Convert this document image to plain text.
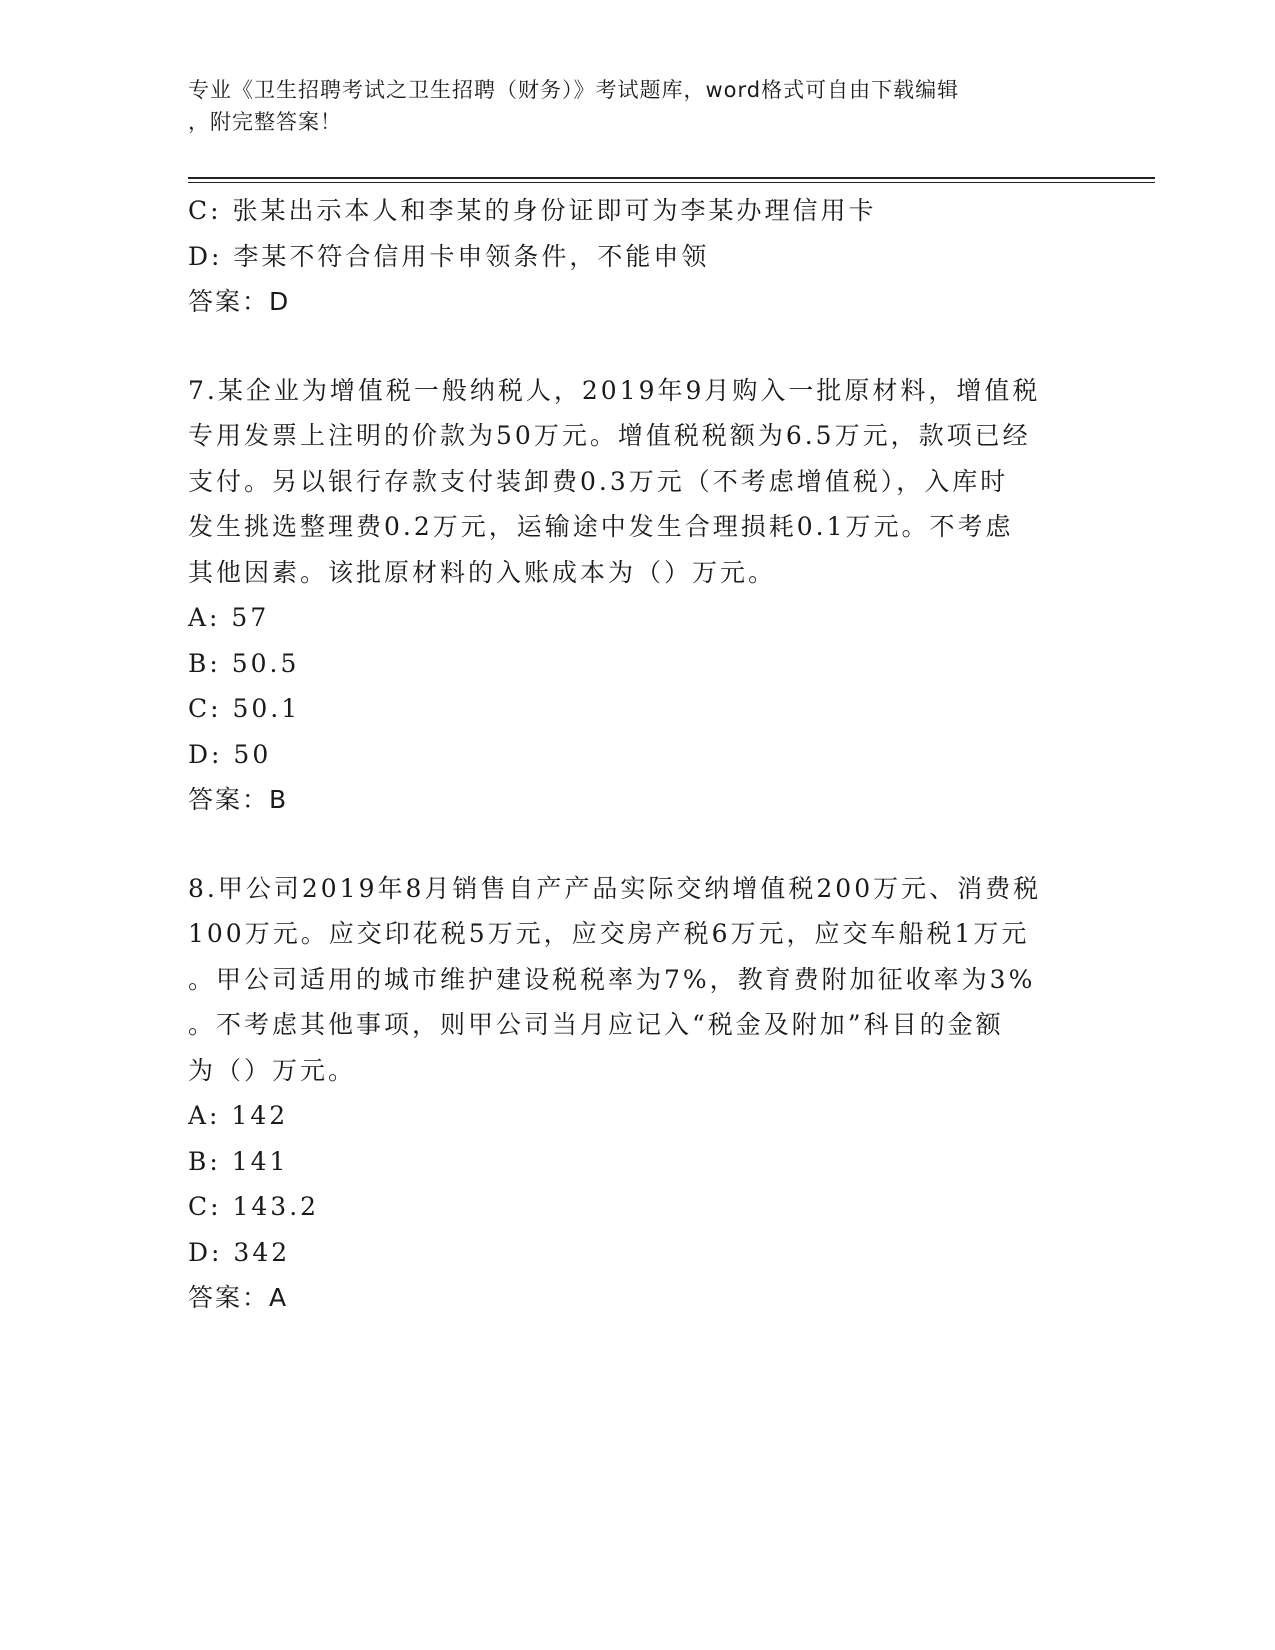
专业《卫生招聘考试之卫生招聘（财务）》考试题库，word格式可自由下载编辑
，附完整答案！
C: 张某出示本人和李某的身份证即可为李某办理信用卡
D: 李某不符合信用卡申领条件，不能申领
答案：D
7.某企业为增值税一般纳税人，2019年9月购入一批原材料，增值税
专用发票上注明的价款为50万元。增值税税额为6.5万元，款项已经
支付。另以银行存款支付装卸费0.3万元（不考虑增值税），入库时
发生挑选整理费0.2万元，运输途中发生合理损耗0.1万元。不考虑
其他因素。该批原材料的入账成本为（）万元。
A: 57
B: 50.5
C: 50.1
D: 50
答案：B
8.甲公司2019年8月销售自产产品实际交纳增值税200万元、消费税
100万元。应交印花税5万元，应交房产税6万元，应交车船税1万元
。甲公司适用的城市维护建设税税率为7%，教育费附加征收率为3%
。不考虑其他事项，则甲公司当月应记入“税金及附加”科目的金额
为（）万元。
A: 142
B: 141
C: 143.2
D: 342
答案：A
